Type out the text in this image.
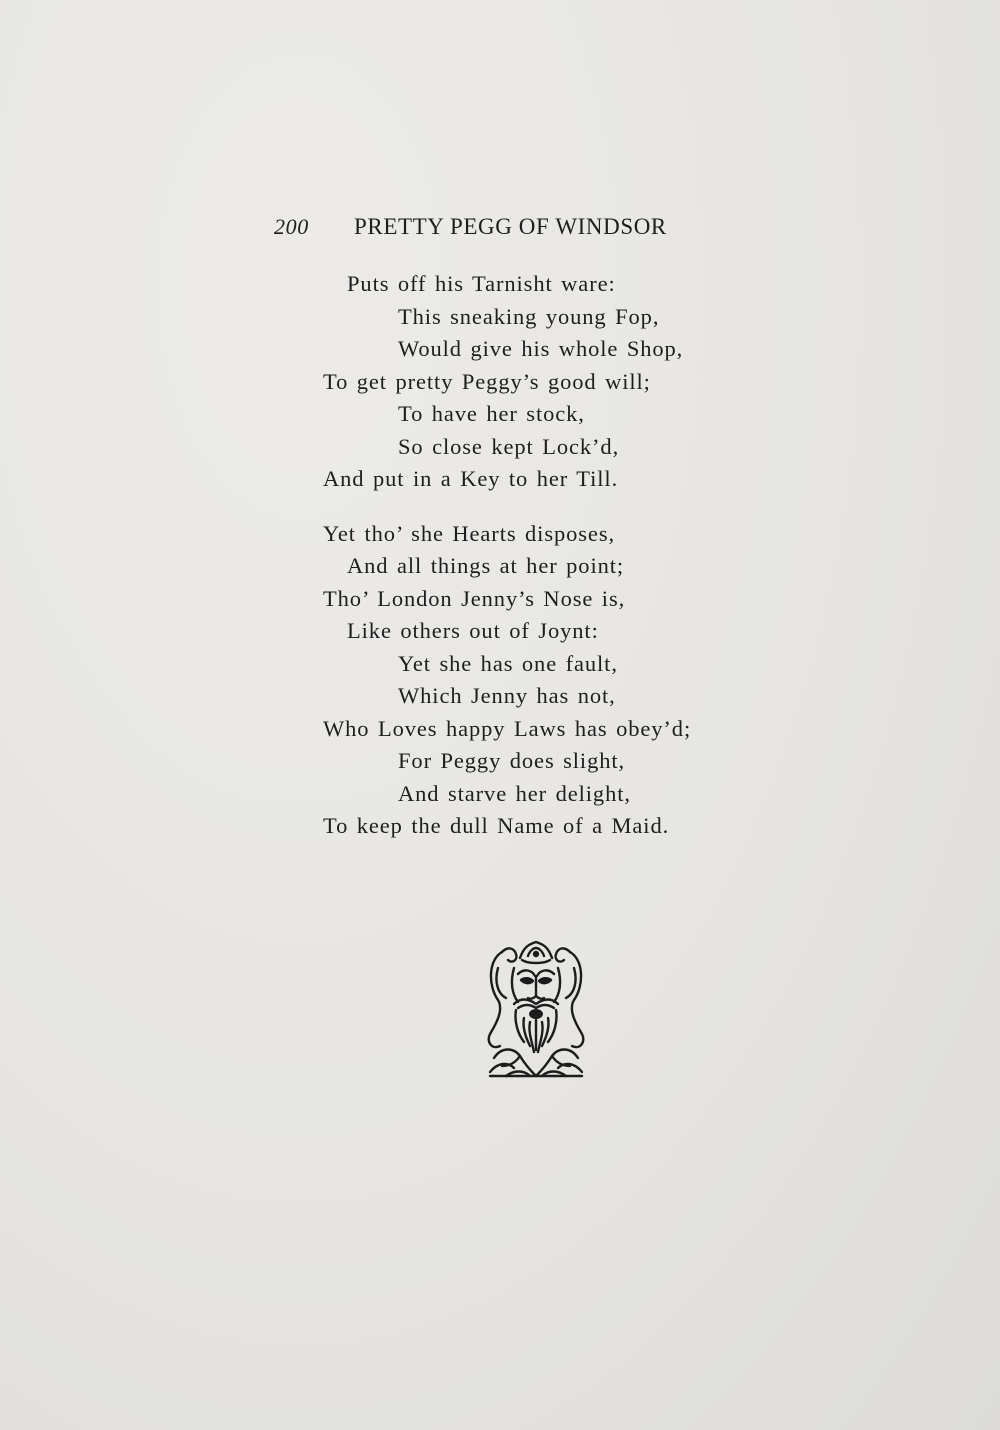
200 PRETTY PEGG OF WINDSOR
Puts off his Tarnisht ware:
This sneaking young Fop,
Would give his whole Shop,
To get pretty Peggy’s good will;
To have her stock,
So close kept Lock’d,
And put in a Key to her Till.
Yet tho’ she Hearts disposes,
And all things at her point;
Tho’ London Jenny’s Nose is,
Like others out of Joynt:
Yet she has one fault,
Which Jenny has not,
Who Loves happy Laws has obey’d;
For Peggy does slight,
And starve her delight,
To keep the dull Name of a Maid.
